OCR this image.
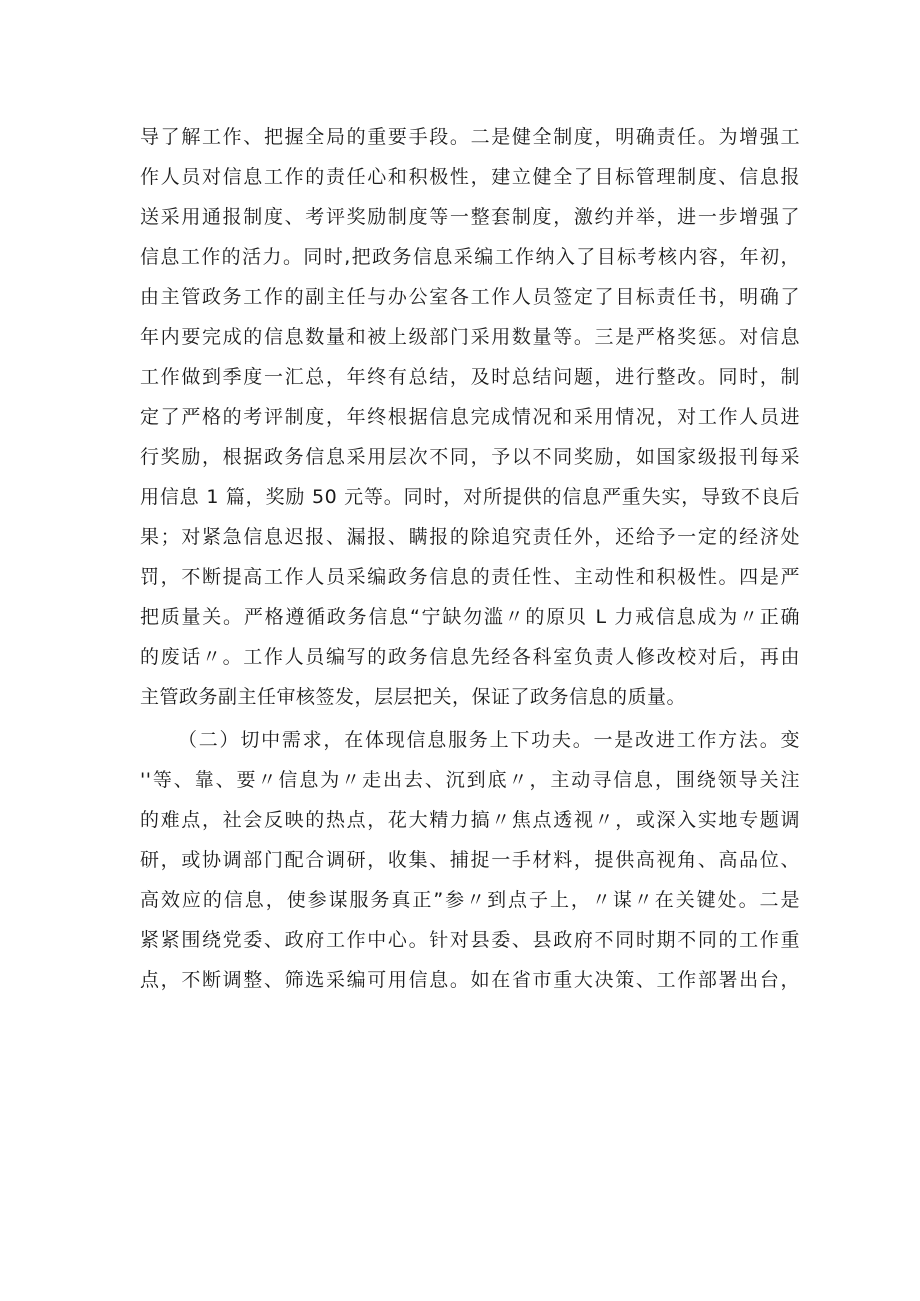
导了解工作、把握全局的重要手段。二是健全制度，明确责任。为增强工
作人员对信息工作的责任心和积极性，建立健全了目标管理制度、信息报
送采用通报制度、考评奖励制度等一整套制度，激约并举，进一步增强了
信息工作的活力。同时,把政务信息采编工作纳入了目标考核内容，年初，
由主管政务工作的副主任与办公室各工作人员签定了目标责任书，明确了
年内要完成的信息数量和被上级部门采用数量等。三是严格奖惩。对信息
工作做到季度一汇总，年终有总结，及时总结问题，进行整改。同时，制
定了严格的考评制度，年终根据信息完成情况和采用情况，对工作人员进
行奖励，根据政务信息采用层次不同，予以不同奖励，如国家级报刊每采
用信息 1 篇，奖励 50 元等。同时，对所提供的信息严重失实，导致不良后
果；对紧急信息迟报、漏报、瞒报的除追究责任外，还给予一定的经济处
罚，不断提高工作人员采编政务信息的责任性、主动性和积极性。四是严
把质量关。严格遵循政务信息“宁缺勿滥〃的原贝 L 力戒信息成为〃正确
的废话〃。工作人员编写的政务信息先经各科室负责人修改校对后，再由
主管政务副主任审核签发，层层把关，保证了政务信息的质量。
（二）切中需求，在体现信息服务上下功夫。一是改进工作方法。变
''等、靠、要〃信息为〃走出去、沉到底〃，主动寻信息，围绕领导关注
的难点，社会反映的热点，花大精力搞〃焦点透视〃，或深入实地专题调
研，或协调部门配合调研，收集、捕捉一手材料，提供高视角、高品位、
高效应的信息，使参谋服务真正”参〃到点子上，〃谋〃在关键处。二是
紧紧围绕党委、政府工作中心。针对县委、县政府不同时期不同的工作重
点，不断调整、筛选采编可用信息。如在省市重大决策、工作部署出台，
